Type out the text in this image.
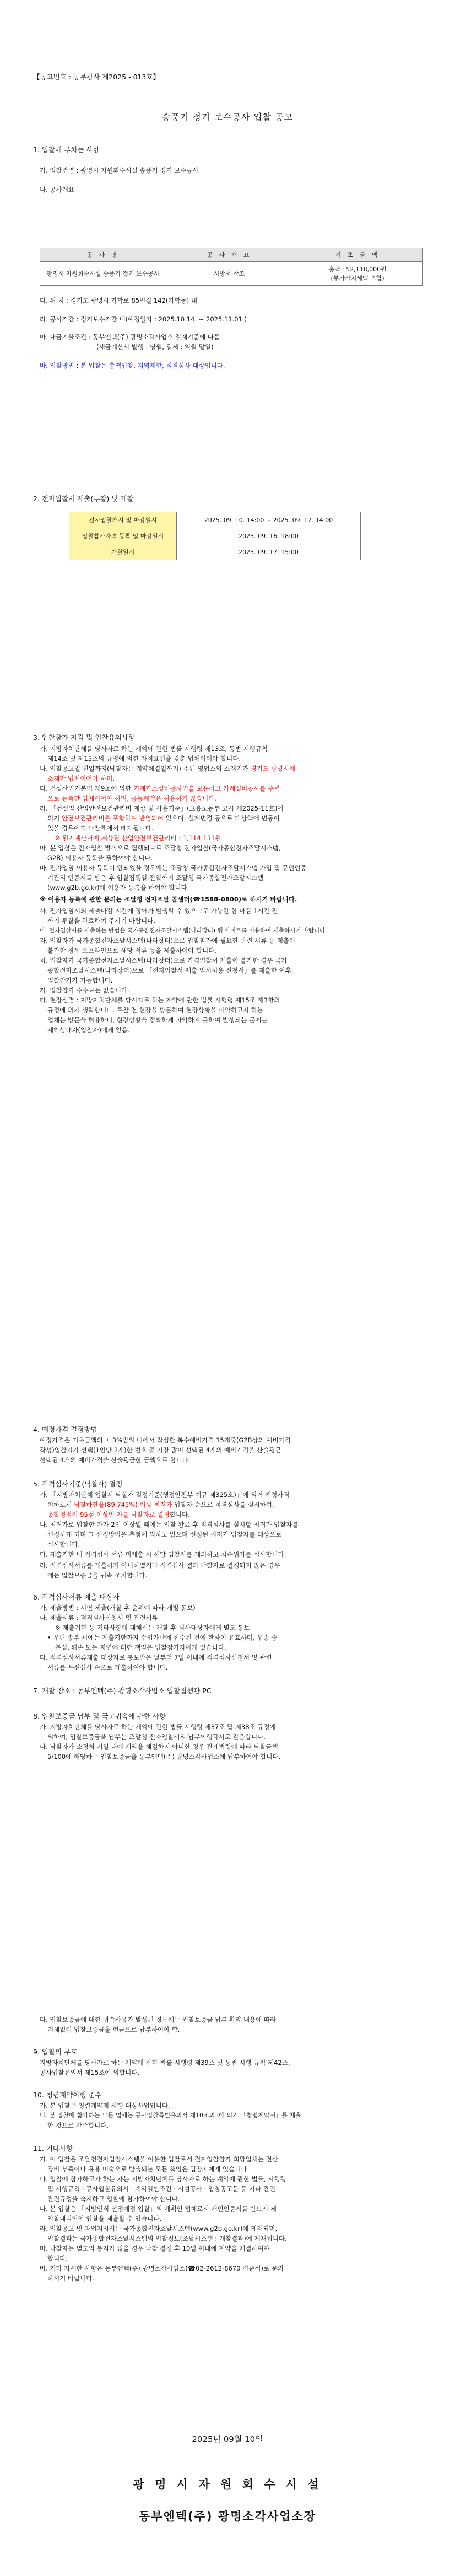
【공고번호 : 동부광사 제2025 - 013호】
송풍기 정기 보수공사 입찰 공고
1. 입찰에 부치는 사항
가. 입찰건명 : 광명시 자원회수시설 송풍기 정기 보수공사
나. 공사개요
공 사 명	공 사 개 요	기 초 금 액
광명시 자원회수시설 송풍기 정기 보수공사	시방서 참조	총액 : 52,118,000원
(부가가치세액 포함)
다. 위 치 : 경기도 광명시 가학로 85번길 142(가학동) 내
라. 공사기간 : 정기보수기간 내(예정일자 : 2025.10.14. ~ 2025.11.01.)
마. 대금지불조건 : 동부엔텍(주) 광명소각사업소 결재기준에 따름
(세금계산서 발행 : 당월, 결제 : 익월 말일)
바. 입찰방법 : 본 입찰은 총액입찰, 지역제한, 적격심사 대상입니다.
2. 전자입찰서 제출(투찰) 및 개찰
전자입찰개시 및 마감일시	2025. 09. 10. 14:00 ~ 2025. 09. 17. 14:00
입찰참가자격 등록 및 마감일시	2025. 09. 16. 18:00
개찰일시	2025. 09. 17. 15:00
3. 입찰참가 자격 및 입찰유의사항
가. 지방자치단체를 당사자로 하는 계약에 관한 법률 시행령 제13조, 동법 시행규칙
제14조 및 제15조의 규정에 의한 자격요건을 갖춘 업체이어야 합니다.
나. 입찰공고일 전일까지(낙찰자는 계약체결일까지) 주된 영업소의 소재지가 경기도 광명시에
소재한 업체이어야 하며,
다. 건설산업기본법 제9조에 의한 기계가스설비공사업을 보유하고 기계설비공사를 주력
으로 등록한 업체이어야 하며, 공동계약은 허용하지 않습니다.
라. 「건설업 산업안전보건관리비 계상 및 사용기준」(고용노동부 고시 제2025-11호)에
의거 안전보건관리비를 포함하여 반영되어 있으며, 설계변경 등으로 대상액에 변동이
있을 경우에도 낙찰률에서 배제됩니다.
※ 원가계산서에 계상된 산업안전보건관리비 : 1,114,131원
마. 본 입찰은 전자입찰 방식으로 집행되므로 조달청 전자입찰(국가종합전자조달시스템,
G2B) 이용자 등록을 필하여야 합니다.
바. 전자입찰 이용자 등록이 안되었을 경우에는 조달청 국가종합전자조달시스템 가입 및 공인인증
기관의 인증서를 받은 후 입찰집행일 전일까지 조달청 국가종합전자조달시스템
(www.g2b.go.kr)에 이용자 등록을 하여야 합니다.
※ 이용자 등록에 관한 문의는 조달청 전자조달 콜센터(☎1588-0800)로 하시기 바랍니다.
사. 전자입찰서의 제출마감 시간에 장애가 발생할 수 있으므로 가능한 한 마감 1시간 전
까지 투찰을 완료하여 주시기 바랍니다.
아. 전자입찰서를 제출하는 방법은 국가종합전자조달시스템(나라장터) 웹 사이트를 이용하여 제출하시기 바랍니다.
자. 입찰자가 국가종합전자조달시스템(나라장터)으로 입찰참가에 필요한 관련 서류 등 제출이
불가한 경우 오프라인으로 해당 서류 등을 제출하여야 합니다.
차. 입찰자가 국가종합전자조달시스템(나라장터)으로 가격입찰서 제출이 불가한 경우 국가
종합전자조달시스템(나라장터)으로 「전자입찰서 제출 임시허용 신청서」를 제출한 이후,
입찰참가가 가능합니다.
카. 입찰참가 수수료는 없습니다.
타. 현장설명 : 지방자치단체를 당사자로 하는 계약에 관한 법률 시행령 제15조 제3항의
규정에 의거 생략합니다. 투찰 전 현장을 방문하여 현장상황을 파악하고자 하는
업체는 방문을 허용하니, 현장상황을 정확하게 파악하지 못하여 발생되는 문제는
계약상대자(입찰자)에게 있음.
4. 예정가격 결정방법
예정가격은 기초금액의 ± 3%범위 내에서 작성한 복수예비가격 15개중(G2B상의 예비가격
작성)입찰자가 선택(1인당 2개)한 번호 중 가장 많이 선택된 4개의 예비가격을 산술평균
선택된 4개의 예비가격을 산술평균한 금액으로 합니다.
5. 적격심사기준(낙찰자) 결정
가. 「지방자치단체 입찰시 낙찰자 결정기준(행정안전부 예규 제325호)」에 의거 예정가격
이하로서 낙찰하한율(89.745%) 이상 최저가 입찰자 순으로 적격심사를 실시하여,
종합평점이 95점 이상인 자를 낙찰자로 결정합니다.
나. 최저가로 입찰한 자가 2인 이상일 때에는 입찰 완료 후 적격심사를 실시할 최저가 입찰자를
선정하게 되며 그 선정방법은 추첨에 의하고 있으며 선정된 최저가 입찰자를 대상으로
심사합니다.
다. 제출기한 내 적격심사 서류 미제출 시 해당 입찰자를 제외하고 차순위자를 심사합니다.
라. 적격심사서류를 제출하지 아니하였거나 적격심사 결과 낙찰자로 결정되지 않은 경우
에는 입찰보증금을 귀속 조치합니다.
6. 적격심사서류 제출 대상자
가. 제출방법 : 서면 제출(개찰 후 순위에 따라 개별 통보)
나. 제출서류 : 적격심사신청서 및 관련서류
※ 제출기한 등 기타사항에 대해서는 개찰 후 심사대상자에게 별도 통보
• 우편 송부 시에는 제출기한까지 수입가관에 접수된 건에 한하여 유효하며, 우송 중
분실, 훼손 또는 지연에 대한 책임은 입찰참가자에게 있습니다.
다. 적격심사서류제출 대상자로 통보받은 날부터 7일 이내에 적격심사신청서 및 관련
서류를 우선심사 순으로 제출하여야 합니다.
7. 개찰 장소 : 동부엔텍(주) 광명소각사업소 입찰집행관 PC
8. 입찰보증금 납부 및 국고귀속에 관한 사항
가. 지방자치단체를 당사자로 하는 계약에 관한 법률 시행령 제37조 및 제38조 규정에
의하여, 입찰보증금을 납부는 조달청 전자입찰서의 납부이행각서로 갈음합니다.
나. 낙찰자가 소정의 기일 내에 계약을 체결하지 아니한 경우 관계법령에 따라 낙찰금액
5/100에 해당하는 입찰보증금을 동부엔텍(주) 광명소각사업소에 납부하여야 합니다.
다. 입찰보증금에 대한 귀속사유가 발생된 경우에는 입찰보증금 납부 확약 내용에 따라
지체없이 입찰보증금을 현금으로 납부하여야 함.
9. 입찰의 무효
지방자치단체를 당사자로 하는 계약에 관한 법률 시행령 제39조 및 동법 시행 규칙 제42조,
공사입찰유의서 제15조에 의합니다.
10. 청렴계약이행 준수
가. 본 입찰은 청렴계약제 시행 대상사업입니다.
나. 본 입찰에 참가하는 모든 업체는 공사입찰특별유의서 제10조의3에 의거 「청렴계약서」를 제출
한 것으로 간주합니다.
11. 기타사항
가. 이 입찰은 조달청전자입찰시스템을 이용한 입찰로서 전자입찰참가 희망업체는 전산
장비 부족이나 유용 미숙으로 발생되는 모든 책임은 입찰자에게 있습니다.
나. 입찰에 참가하고자 하는 자는 지방자치단체를 당사자로 하는 계약에 관한 법률, 시행령
및 시행규칙 · 공사입찰유의서 · 계약일반조건 · 시설공사 · 입찰공고문 등 기타 관련
관련규정을 숙지하고 입찰에 참가하여야 합니다.
다. 본 입찰은 「지방인식 선정예정 입찰」의 계획인 업체로서 개인인증서를 반드시 제
입찰대리인인 입찰을 제출할 수 있습니다.
라. 입찰공고 및 과업지시서는 국가종합전자조달시스템(www.g2b.go.kr)에 게재되며,
입찰결과는 국가종합전자조달시스템의 입찰정보(조달시스템 : 개찰결과)에 게재됩니다.
마. 낙찰자는 별도의 통지가 없을 경우 낙찰 결정 후 10일 이내에 계약을 체결하여야
합니다.
바. 기타 자세한 사항은 동부엔텍(주) 광명소각사업소(☎02-2612-8670 김준식)로 문의
하시기 바랍니다.
2025년 09월 10일
광 명 시 자 원 회 수 시 설
동부엔텍(주) 광명소각사업소장
